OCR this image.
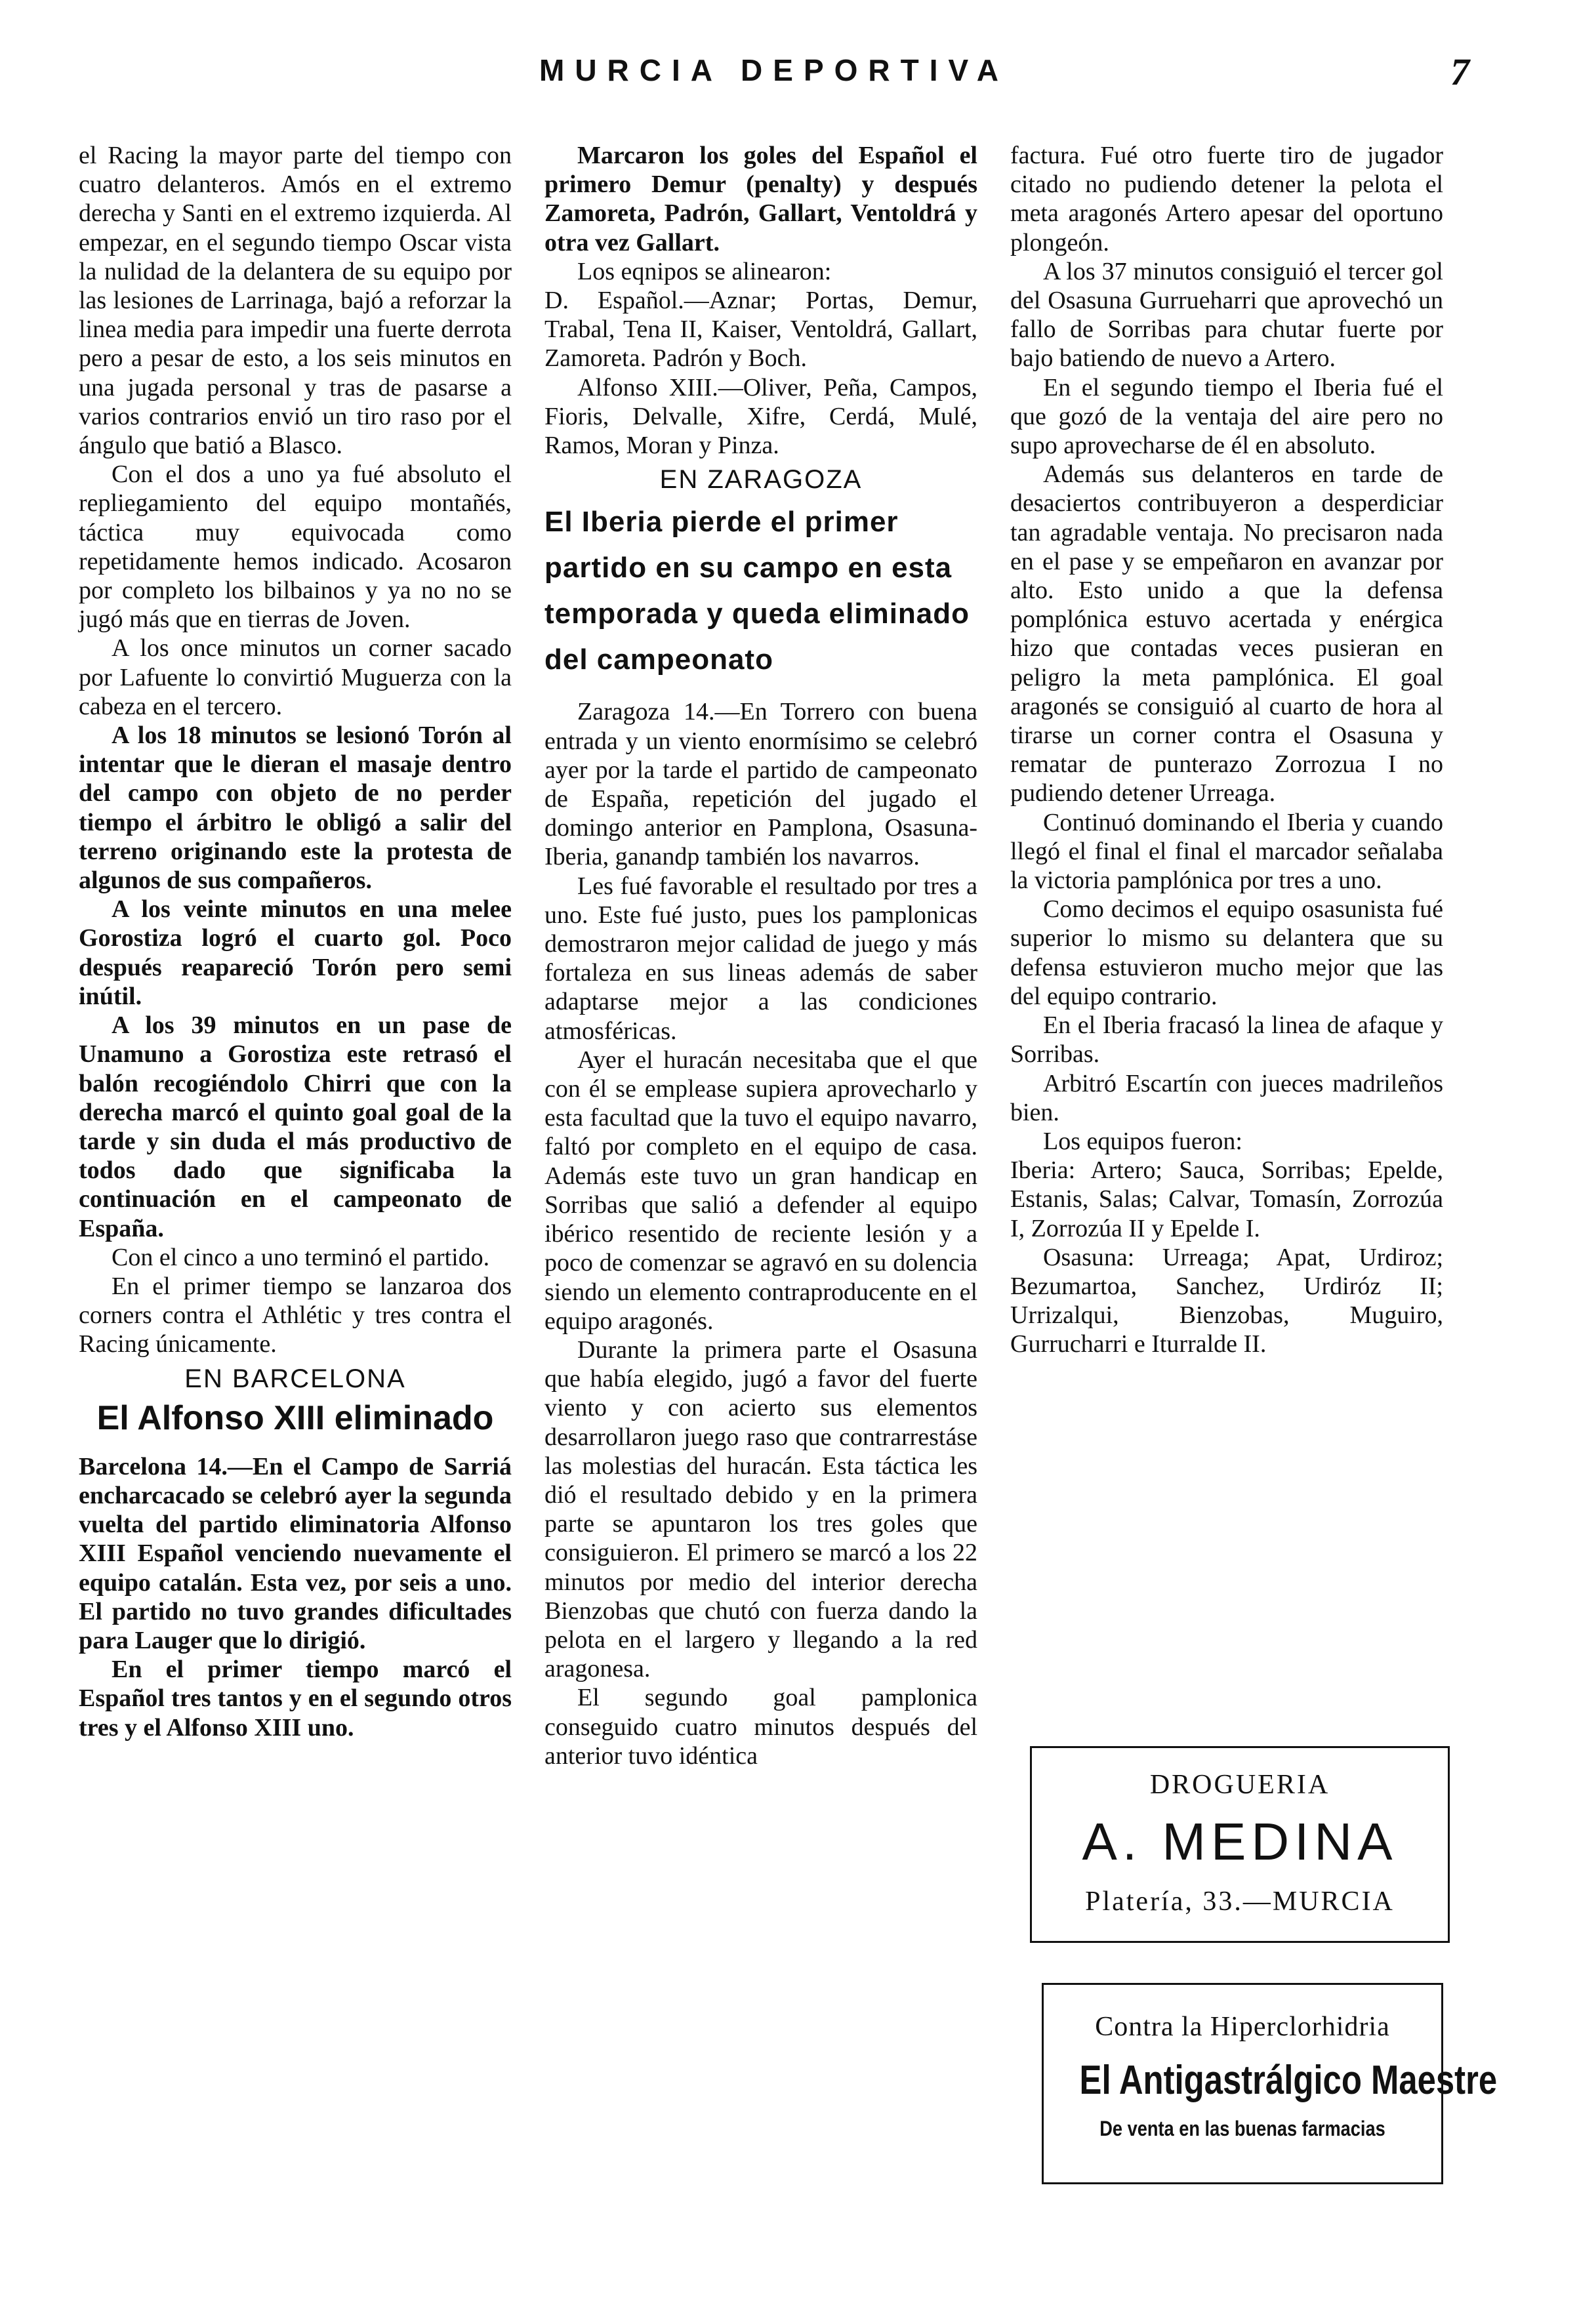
MURCIA DEPORTIVA	7

el Racing la mayor parte del tiempo con cuatro delanteros. Amós en el extremo derecha y Santi en el extremo izquierda. Al empezar, en el segundo tiempo Oscar vista la nulidad de la delantera de su equipo por las lesiones de Larrinaga, bajó a reforzar la linea media para impedir una fuerte derrota pero a pesar de esto, a los seis minutos en una jugada personal y tras de pasarse a varios contrarios envió un tiro raso por el ángulo que batió a Blasco.

Con el dos a uno ya fué absoluto el repliegamiento del equipo montañés, táctica muy equivocada como repetidamente hemos indicado. Acosaron por completo los bilbainos y ya no no se jugó más que en tierras de Joven.

A los once minutos un corner sacado por Lafuente lo convirtió Muguerza con la cabeza en el tercero.

A los 18 minutos se lesionó Torón al intentar que le dieran el masaje dentro del campo con objeto de no perder tiempo el árbitro le obligó a salir del terreno originando este la protesta de algunos de sus compañeros.

A los veinte minutos en una melee Gorostiza logró el cuarto gol. Poco después reapareció Torón pero semi inútil.

A los 39 minutos en un pase de Unamuno a Gorostiza este retrasó el balón recogiéndolo Chirri que con la derecha marcó el quinto goal goal de la tarde y sin duda el más productivo de todos dado que significaba la continuación en el campeonato de España.

Con el cinco a uno terminó el partido.

En el primer tiempo se lanzaroa dos corners contra el Athlétic y tres contra el Racing únicamente.

EN BARCELONA
El Alfonso XIII eliminado

Barcelona 14.—En el Campo de Sarriá encharcacado se celebró ayer la segunda vuelta del partido eliminatoria Alfonso XIII Español venciendo nuevamente el equipo catalán. Esta vez, por seis a uno. El partido no tuvo grandes dificultades para Lauger que lo dirigió.

En el primer tiempo marcó el Español tres tantos y en el segundo otros tres y el Alfonso XIII uno.

Marcaron los goles del Español el primero Demur (penalty) y después Zamoreta, Padrón, Gallart, Ventoldrá y otra vez Gallart.

Los eqnipos se alinearon:

D. Español.—Aznar; Portas, Demur, Trabal, Tena II, Kaiser, Ventoldrá, Gallart, Zamoreta. Padrón y Boch.

Alfonso XIII.—Oliver, Peña, Campos, Fioris, Delvalle, Xifre, Cerdá, Mulé, Ramos, Moran y Pinza.

EN ZARAGOZA
El Iberia pierde el primer partido en su campo en esta temporada y queda eliminado del campeonato

Zaragoza 14.—En Torrero con buena entrada y un viento enormísimo se celebró ayer por la tarde el partido de campeonato de España, repetición del jugado el domingo anterior en Pamplona, Osasuna-Iberia, ganandp también los navarros.

Les fué favorable el resultado por tres a uno. Este fué justo, pues los pamplonicas demostraron mejor calidad de juego y más fortaleza en sus lineas además de saber adaptarse mejor a las condiciones atmosféricas.

Ayer el huracán necesitaba que el que con él se emplease supiera aprovecharlo y esta facultad que la tuvo el equipo navarro, faltó por completo en el equipo de casa. Además este tuvo un gran handicap en Sorribas que salió a defender al equipo ibérico resentido de reciente lesión y a poco de comenzar se agravó en su dolencia siendo un elemento contraproducente en el equipo aragonés.

Durante la primera parte el Osasuna que había elegido, jugó a favor del fuerte viento y con acierto sus elementos desarrollaron juego raso que contrarrestáse las molestias del huracán. Esta táctica les dió el resultado debido y en la primera parte se apuntaron los tres goles que consiguieron. El primero se marcó a los 22 minutos por medio del interior derecha Bienzobas que chutó con fuerza dando la pelota en el largero y llegando a la red aragonesa.

El segundo goal pamplonica conseguido cuatro minutos después del anterior tuvo idéntica

factura. Fué otro fuerte tiro de jugador citado no pudiendo detener la pelota el meta aragonés Artero apesar del oportuno plongeón.

A los 37 minutos consiguió el tercer gol del Osasuna Gurrueharri que aprovechó un fallo de Sorribas para chutar fuerte por bajo batiendo de nuevo a Artero.

En el segundo tiempo el Iberia fué el que gozó de la ventaja del aire pero no supo aprovecharse de él en absoluto.

Además sus delanteros en tarde de desaciertos contribuyeron a desperdiciar tan agradable ventaja. No precisaron nada en el pase y se empeñaron en avanzar por alto. Esto unido a que la defensa pomplónica estuvo acertada y enérgica hizo que contadas veces pusieran en peligro la meta pamplónica. El goal aragonés se consiguió al cuarto de hora al tirarse un corner contra el Osasuna y rematar de punterazo Zorrozua I no pudiendo detener Urreaga.

Continuó dominando el Iberia y cuando llegó el final el final el marcador señalaba la victoria pamplónica por tres a uno.

Como decimos el equipo osasunista fué superior lo mismo su delantera que su defensa estuvieron mucho mejor que las del equipo contrario.

En el Iberia fracasó la linea de afaque y Sorribas.

Arbitró Escartín con jueces madrileños bien.

Los equipos fueron:

Iberia: Artero; Sauca, Sorribas; Epelde, Estanis, Salas; Calvar, Tomasín, Zorrozúa I, Zorrozúa II y Epelde I.

Osasuna: Urreaga; Apat, Urdiroz; Bezumartoa, Sanchez, Urdiróz II; Urrizalqui, Bienzobas, Muguiro, Gurrucharri e Iturralde II.

DROGUERIA
A. MEDINA
Platería, 33.—MURCIA
Contra la Hiperclorhidria
El Antigastrálgico Maestre
De venta en las buenas farmacias
